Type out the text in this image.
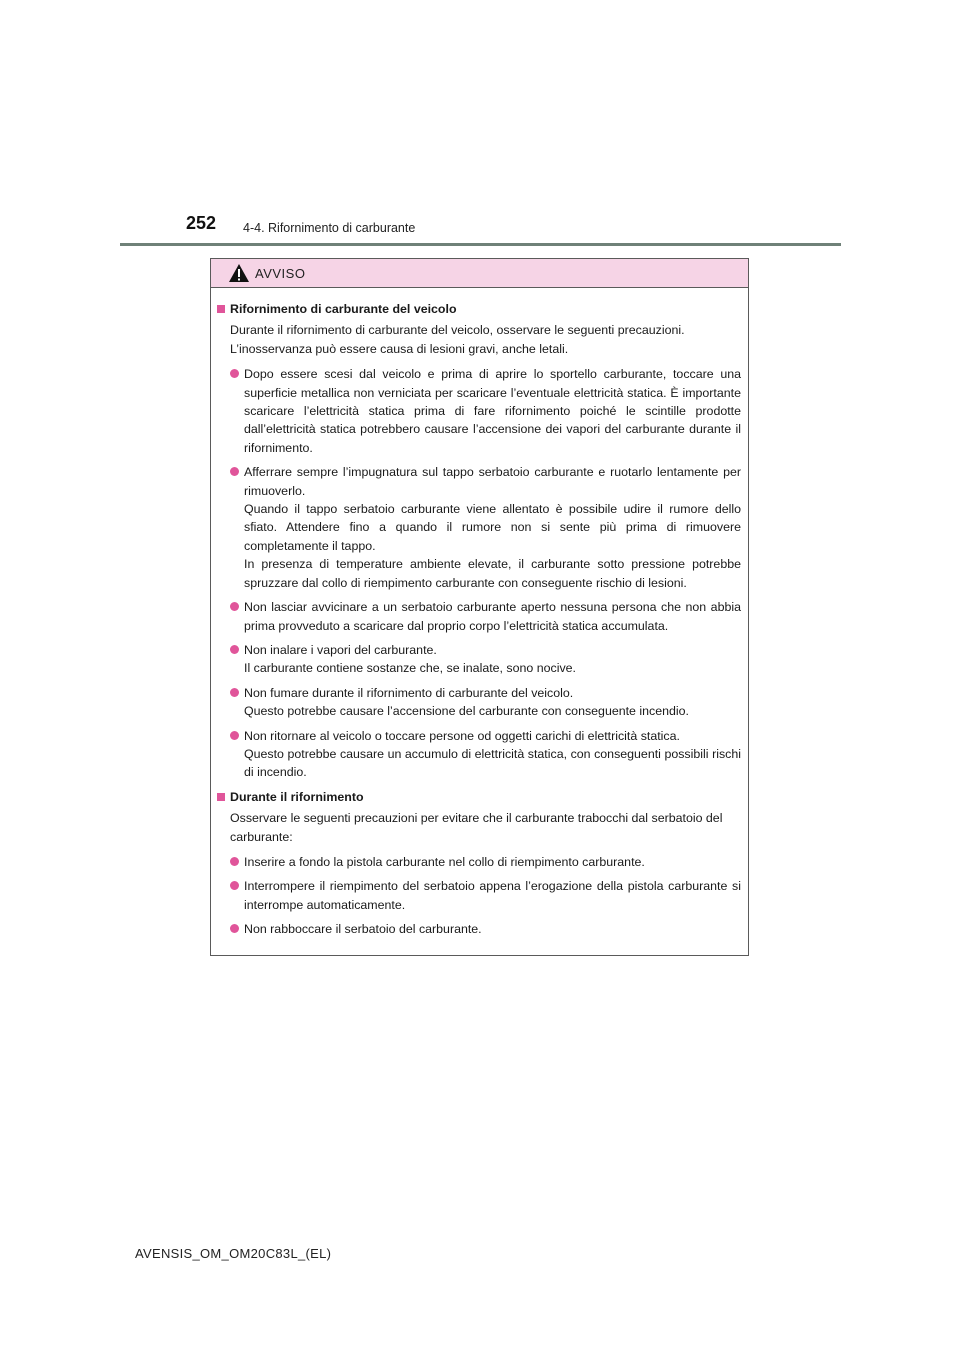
252 4-4. Rifornimento di carburante
AVVISO
Rifornimento di carburante del veicolo
Durante il rifornimento di carburante del veicolo, osservare le seguenti precauzioni.
L’inosservanza può essere causa di lesioni gravi, anche letali.
Dopo essere scesi dal veicolo e prima di aprire lo sportello carburante, toccare una superficie metallica non verniciata per scaricare l’eventuale elettricità statica. È importante scaricare l’elettricità statica prima di fare rifornimento poiché le scintille prodotte dall’elettricità statica potrebbero causare l’accensione dei vapori del carburante durante il rifornimento.
Afferrare sempre l’impugnatura sul tappo serbatoio carburante e ruotarlo lentamente per rimuoverlo.
Quando il tappo serbatoio carburante viene allentato è possibile udire il rumore dello sfiato. Attendere fino a quando il rumore non si sente più prima di rimuovere completamente il tappo.
In presenza di temperature ambiente elevate, il carburante sotto pressione potrebbe spruzzare dal collo di riempimento carburante con conseguente rischio di lesioni.
Non lasciar avvicinare a un serbatoio carburante aperto nessuna persona che non abbia prima provveduto a scaricare dal proprio corpo l’elettricità statica accumulata.
Non inalare i vapori del carburante.
Il carburante contiene sostanze che, se inalate, sono nocive.
Non fumare durante il rifornimento di carburante del veicolo.
Questo potrebbe causare l’accensione del carburante con conseguente incendio.
Non ritornare al veicolo o toccare persone od oggetti carichi di elettricità statica.
Questo potrebbe causare un accumulo di elettricità statica, con conseguenti possibili rischi di incendio.
Durante il rifornimento
Osservare le seguenti precauzioni per evitare che il carburante trabocchi dal serbatoio del carburante:
Inserire a fondo la pistola carburante nel collo di riempimento carburante.
Interrompere il riempimento del serbatoio appena l’erogazione della pistola carburante si interrompe automaticamente.
Non rabboccare il serbatoio del carburante.
AVENSIS_OM_OM20C83L_(EL)
